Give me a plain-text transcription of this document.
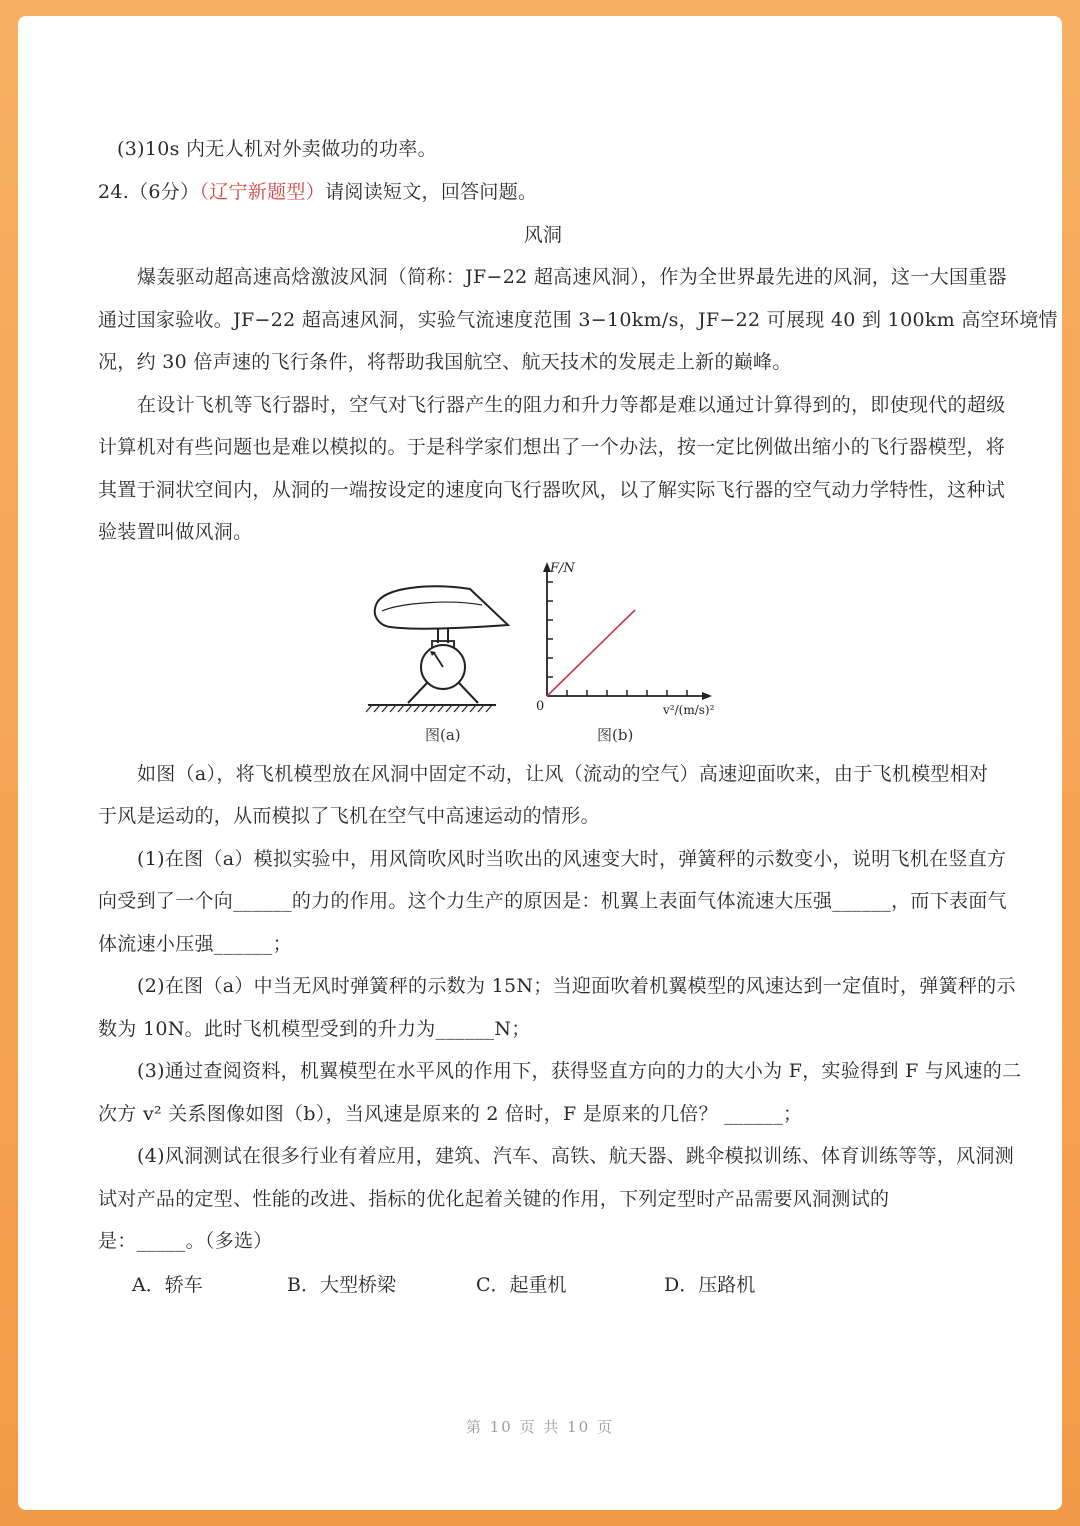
(3)10s 内无人机对外卖做功的功率。
24.（6分）（辽宁新题型）请阅读短文，回答问题。
风洞
爆轰驱动超高速高焓激波风洞（简称：JF−22 超高速风洞），作为全世界最先进的风洞，这一大国重器
通过国家验收。JF−22 超高速风洞，实验气流速度范围 3−10km/s，JF−22 可展现 40 到 100km 高空环境情
况，约 30 倍声速的飞行条件，将帮助我国航空、航天技术的发展走上新的巅峰。
在设计飞机等飞行器时，空气对飞行器产生的阻力和升力等都是难以通过计算得到的，即使现代的超级
计算机对有些问题也是难以模拟的。于是科学家们想出了一个办法，按一定比例做出缩小的飞行器模型，将
其置于洞状空间内，从洞的一端按设定的速度向飞行器吹风，以了解实际飞行器的空气动力学特性，这种试
验装置叫做风洞。
图(a)
F/N
0	v²/(m/s)²
图(b)
如图（a），将飞机模型放在风洞中固定不动，让风（流动的空气）高速迎面吹来，由于飞机模型相对
于风是运动的，从而模拟了飞机在空气中高速运动的情形。
(1)在图（a）模拟实验中，用风筒吹风时当吹出的风速变大时，弹簧秤的示数变小，说明飞机在竖直方
向受到了一个向______的力的作用。这个力生产的原因是：机翼上表面气体流速大压强______，而下表面气
体流速小压强______；
(2)在图（a）中当无风时弹簧秤的示数为 15N；当迎面吹着机翼模型的风速达到一定值时，弹簧秤的示
数为 10N。此时飞机模型受到的升力为______N；
(3)通过查阅资料，机翼模型在水平风的作用下，获得竖直方向的力的大小为 F，实验得到 F 与风速的二
次方 v² 关系图像如图（b），当风速是原来的 2 倍时，F 是原来的几倍？ ______；
(4)风洞测试在很多行业有着应用，建筑、汽车、高铁、航天器、跳伞模拟训练、体育训练等等，风洞测
试对产品的定型、性能的改进、指标的优化起着关键的作用，下列定型时产品需要风洞测试的
是：_____。（多选）
A．轿车	B．大型桥梁	C．起重机	D．压路机
第 10 页 共 10 页
